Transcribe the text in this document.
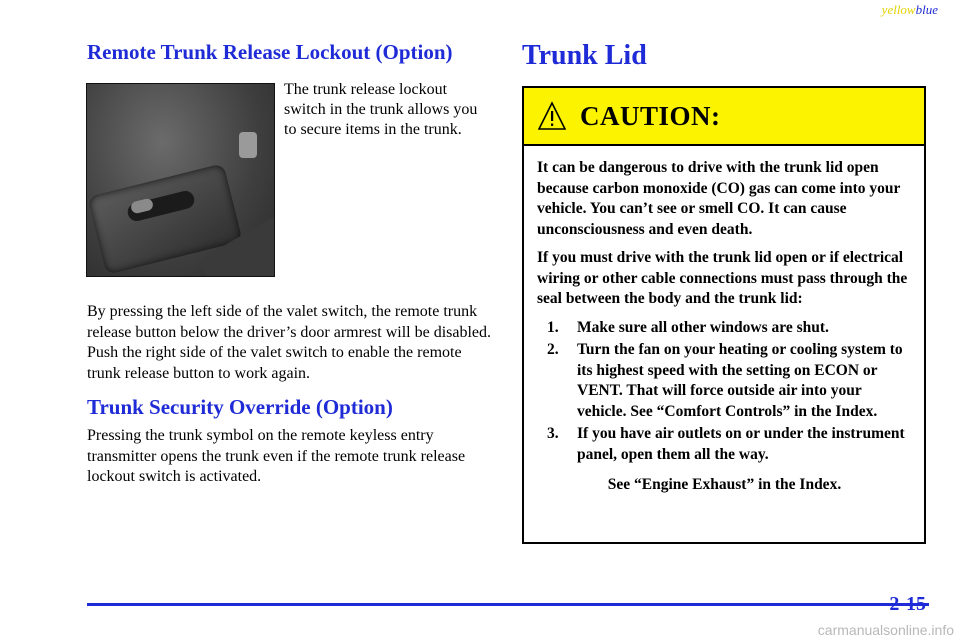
yellowblue
Remote Trunk Release Lockout (Option)

The trunk release lockout switch in the trunk allows you to secure items in the trunk.

By pressing the left side of the valet switch, the remote trunk release button below the driver’s door armrest will be disabled. Push the right side of the valet switch to enable the remote trunk release button to work again.

Trunk Security Override (Option)

Pressing the trunk symbol on the remote keyless entry transmitter opens the trunk even if the remote trunk release lockout switch is activated.

Trunk Lid
CAUTION:

It can be dangerous to drive with the trunk lid open because carbon monoxide (CO) gas can come into your vehicle. You can’t see or smell CO. It can cause unconsciousness and even death.

If you must drive with the trunk lid open or if electrical wiring or other cable connections must pass through the seal between the body and the trunk lid:

1.	Make sure all other windows are shut.
2.	Turn the fan on your heating or cooling system to its highest speed with the setting on ECON or VENT. That will force outside air into your vehicle. See “Comfort Controls” in the Index.
3.	If you have air outlets on or under the instrument panel, open them all the way.
See “Engine Exhaust” in the Index.
2-15
carmanualsonline.info
